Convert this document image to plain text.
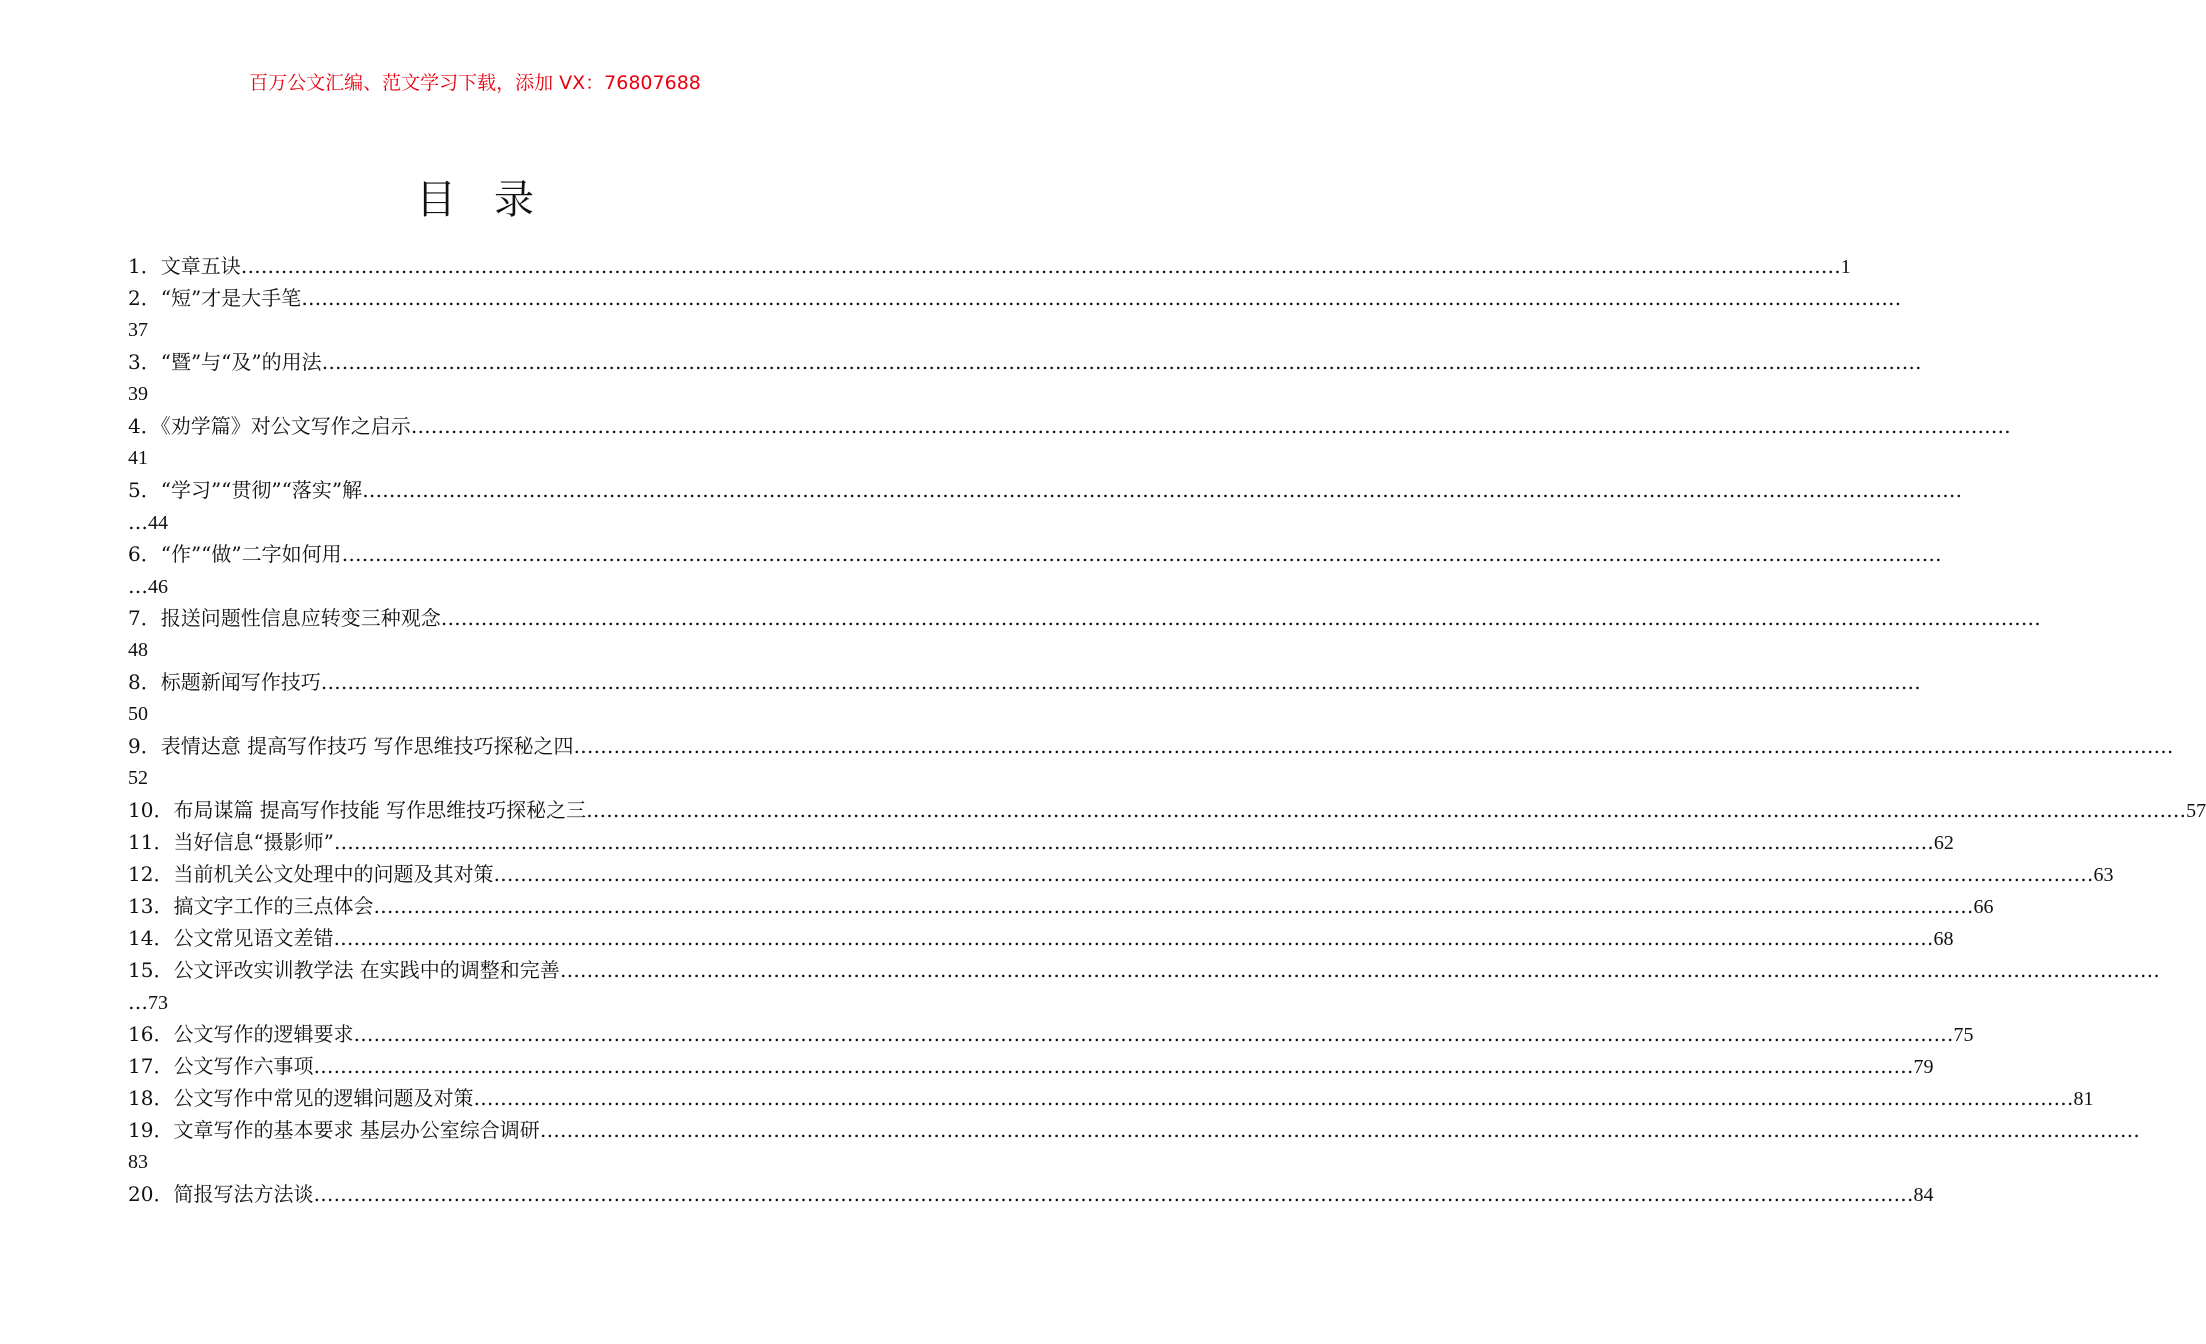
百万公文汇编、范文学习下载，添加 VX：76807688
目录
1．文章五诀 …………………………………………………………………………………………………………………………………………………………………………………………………………………… 1
2．“短”才是大手笔 ……………………………………………………………………………………………………………………………………………………………………………………………………………………
37
3．“暨”与“及”的用法 ……………………………………………………………………………………………………………………………………………………………………………………………………………………
39
4．《劝学篇》对公文写作之启示 ……………………………………………………………………………………………………………………………………………………………………………………………………………………
41
5．“学习”“贯彻”“落实”解 ……………………………………………………………………………………………………………………………………………………………………………………………………………………
… 44
6．“作”“做”二字如何用 ……………………………………………………………………………………………………………………………………………………………………………………………………………………
… 46
7．报送问题性信息应转变三种观念 ……………………………………………………………………………………………………………………………………………………………………………………………………………………
48
8．标题新闻写作技巧 ……………………………………………………………………………………………………………………………………………………………………………………………………………………
50
9．表情达意 提高写作技巧 写作思维技巧探秘之四 ……………………………………………………………………………………………………………………………………………………………………………………………………………………
52
10．布局谋篇 提高写作技能 写作思维技巧探秘之三 …………………………………………………………………………………………………………………………………………………………………………………………………………………… 57
11．当好信息“摄影师” …………………………………………………………………………………………………………………………………………………………………………………………………………………… 62
12．当前机关公文处理中的问题及其对策 …………………………………………………………………………………………………………………………………………………………………………………………………………………… 63
13．搞文字工作的三点体会 …………………………………………………………………………………………………………………………………………………………………………………………………………………… 66
14．公文常见语文差错 …………………………………………………………………………………………………………………………………………………………………………………………………………………… 68
15．公文评改实训教学法 在实践中的调整和完善 ……………………………………………………………………………………………………………………………………………………………………………………………………………………
… 73
16．公文写作的逻辑要求 …………………………………………………………………………………………………………………………………………………………………………………………………………………… 75
17．公文写作六事项 …………………………………………………………………………………………………………………………………………………………………………………………………………………… 79
18．公文写作中常见的逻辑问题及对策 …………………………………………………………………………………………………………………………………………………………………………………………………………………… 81
19．文章写作的基本要求 基层办公室综合调研 ……………………………………………………………………………………………………………………………………………………………………………………………………………………
83
20．简报写法方法谈 …………………………………………………………………………………………………………………………………………………………………………………………………………………… 84
